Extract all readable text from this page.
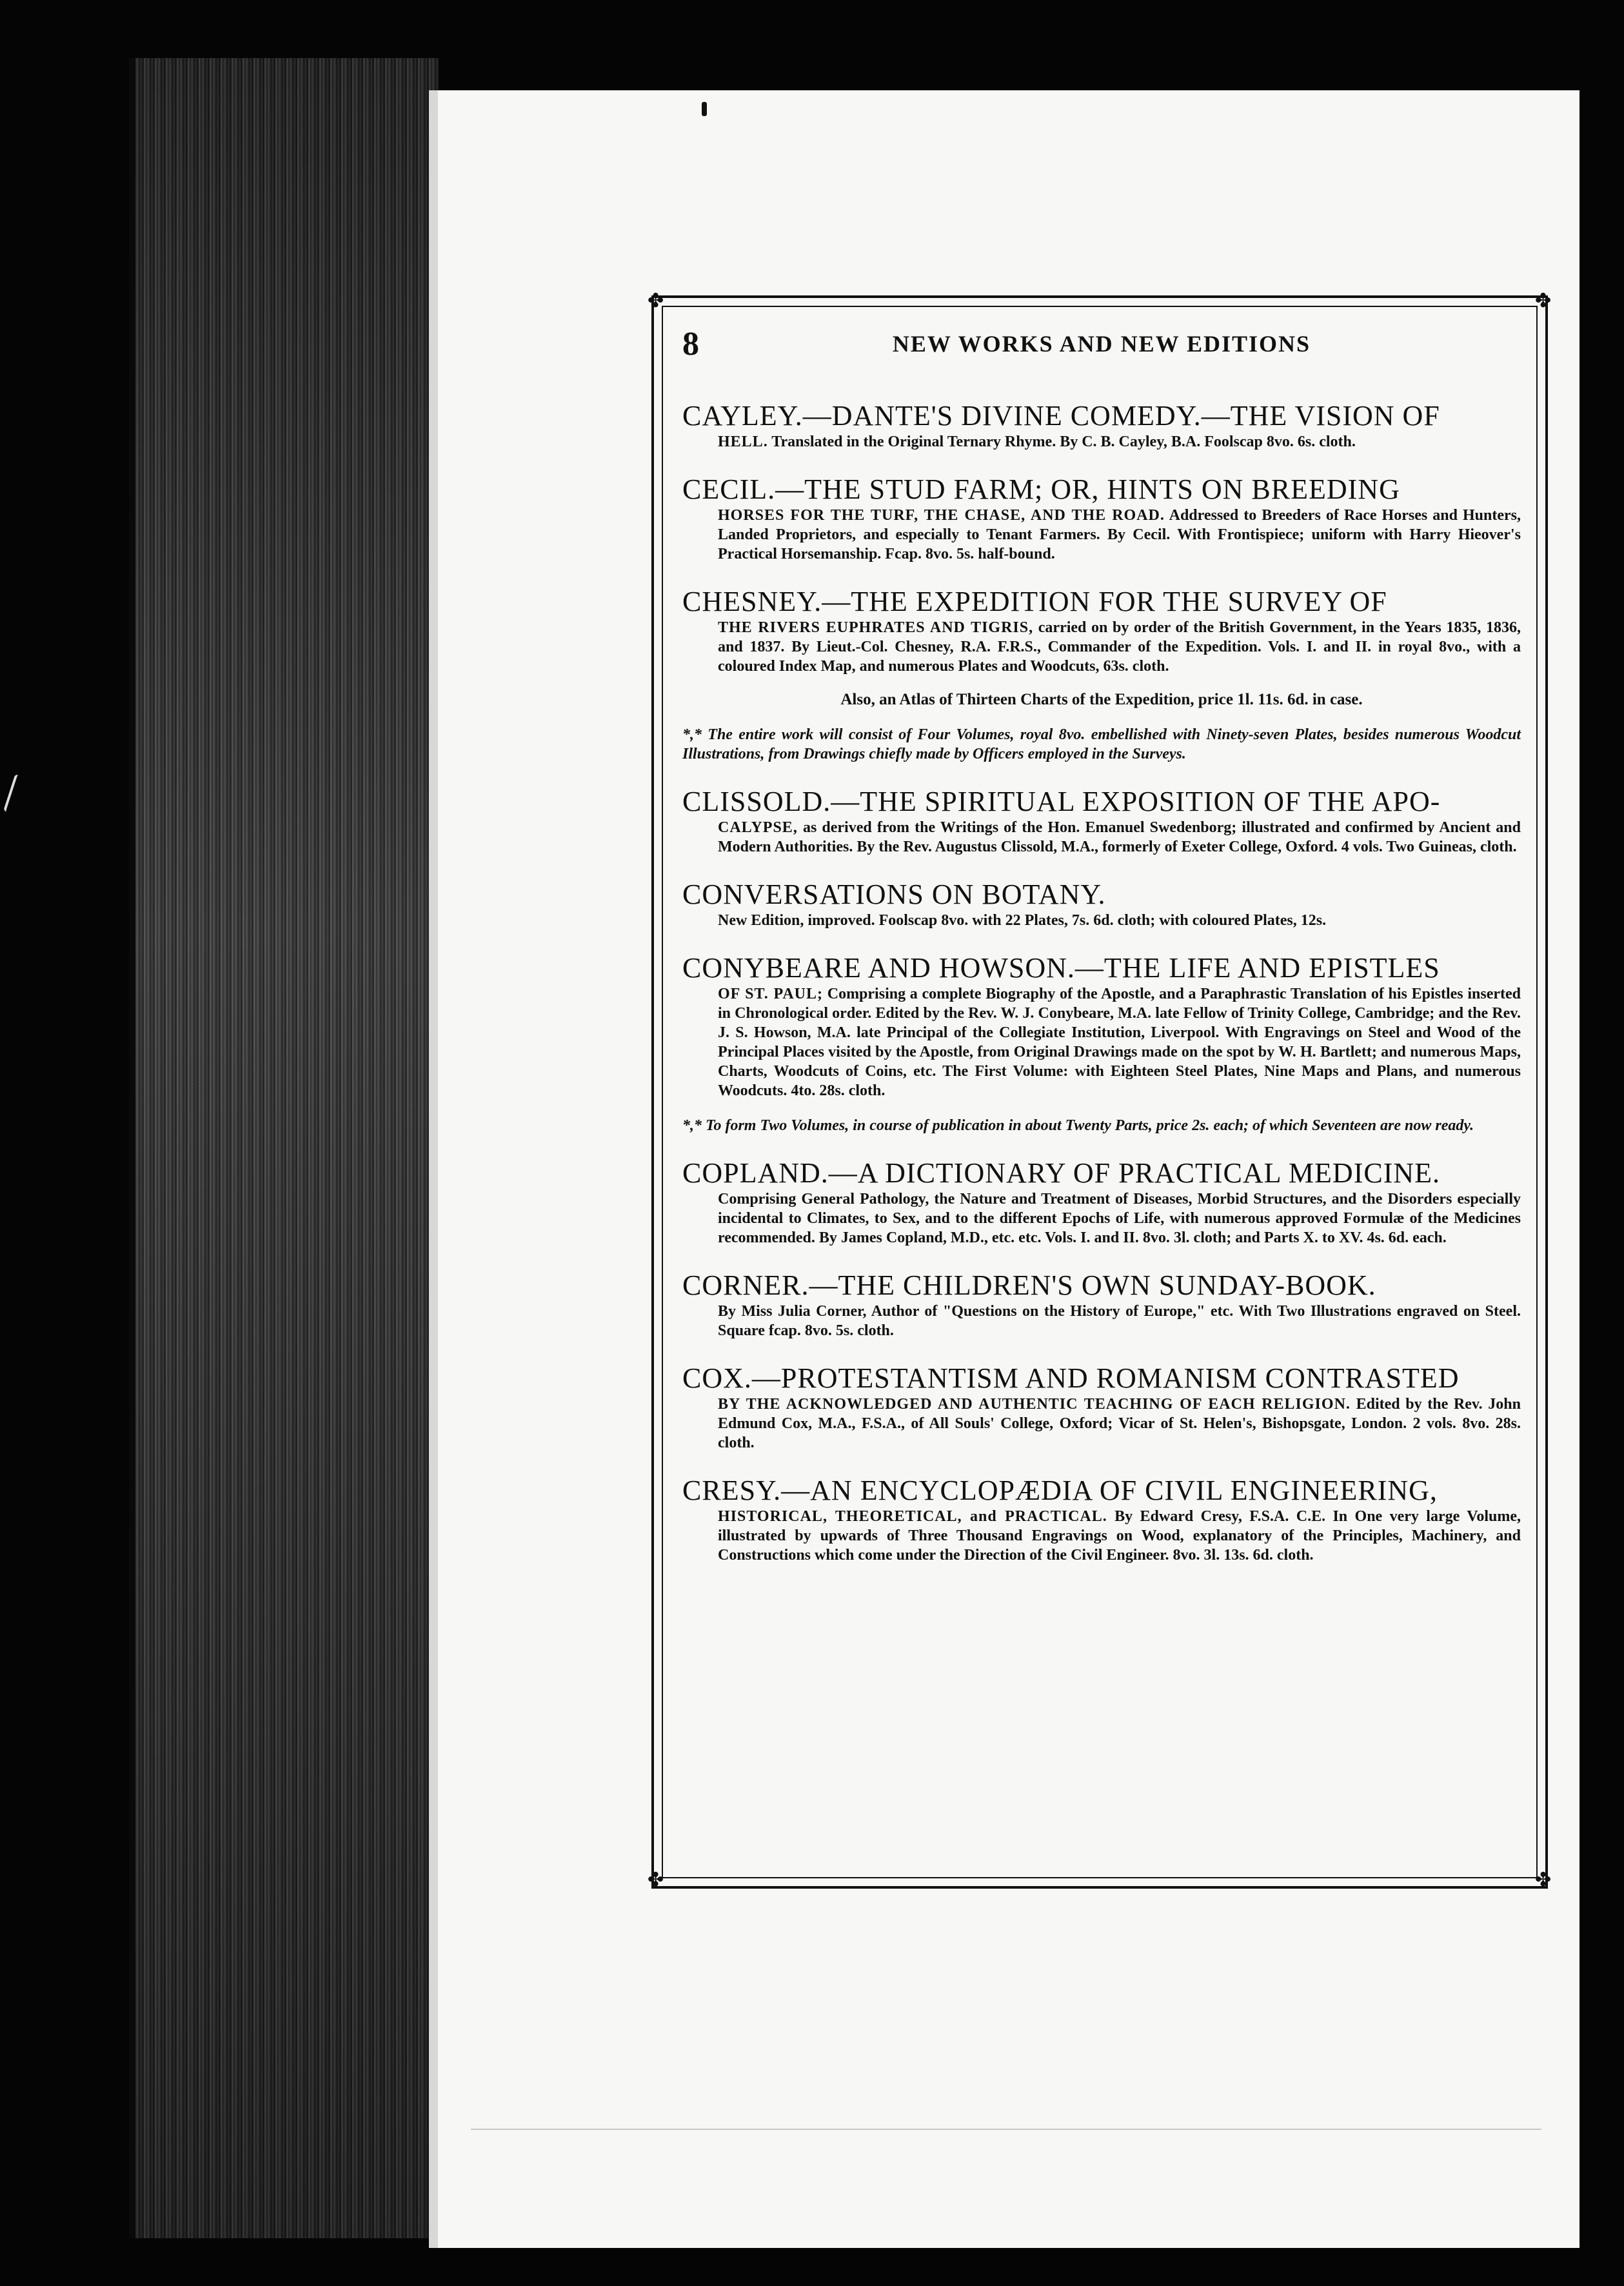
✤	✤
✤	✤
8	NEW WORKS AND NEW EDITIONS
CAYLEY.—DANTE'S DIVINE COMEDY.—THE VISION OF
HELL. Translated in the Original Ternary Rhyme. By C. B. Cayley, B.A. Foolscap 8vo. 6s. cloth.
CECIL.—THE STUD FARM; OR, HINTS ON BREEDING
HORSES FOR THE TURF, THE CHASE, AND THE ROAD. Addressed to Breeders of Race Horses and Hunters, Landed Proprietors, and especially to Tenant Farmers. By Cecil. With Frontispiece; uniform with Harry Hieover's Practical Horsemanship. Fcap. 8vo. 5s. half-bound.
CHESNEY.—THE EXPEDITION FOR THE SURVEY OF
THE RIVERS EUPHRATES AND TIGRIS, carried on by order of the British Government, in the Years 1835, 1836, and 1837. By Lieut.-Col. Chesney, R.A. F.R.S., Commander of the Expedition. Vols. I. and II. in royal 8vo., with a coloured Index Map, and numerous Plates and Woodcuts, 63s. cloth.
Also, an Atlas of Thirteen Charts of the Expedition, price 1l. 11s. 6d. in case.
*,* The entire work will consist of Four Volumes, royal 8vo. embellished with Ninety-seven Plates, besides numerous Woodcut Illustrations, from Drawings chiefly made by Officers employed in the Surveys.
CLISSOLD.—THE SPIRITUAL EXPOSITION OF THE APO-
CALYPSE, as derived from the Writings of the Hon. Emanuel Swedenborg; illustrated and confirmed by Ancient and Modern Authorities. By the Rev. Augustus Clissold, M.A., formerly of Exeter College, Oxford. 4 vols. Two Guineas, cloth.
CONVERSATIONS ON BOTANY.
New Edition, improved. Foolscap 8vo. with 22 Plates, 7s. 6d. cloth; with coloured Plates, 12s.
CONYBEARE AND HOWSON.—THE LIFE AND EPISTLES
OF ST. PAUL; Comprising a complete Biography of the Apostle, and a Paraphrastic Translation of his Epistles inserted in Chronological order. Edited by the Rev. W. J. Conybeare, M.A. late Fellow of Trinity College, Cambridge; and the Rev. J. S. Howson, M.A. late Principal of the Collegiate Institution, Liverpool. With Engravings on Steel and Wood of the Principal Places visited by the Apostle, from Original Drawings made on the spot by W. H. Bartlett; and numerous Maps, Charts, Woodcuts of Coins, etc. The First Volume: with Eighteen Steel Plates, Nine Maps and Plans, and numerous Woodcuts. 4to. 28s. cloth.
*,* To form Two Volumes, in course of publication in about Twenty Parts, price 2s. each; of which Seventeen are now ready.
COPLAND.—A DICTIONARY OF PRACTICAL MEDICINE.
Comprising General Pathology, the Nature and Treatment of Diseases, Morbid Structures, and the Disorders especially incidental to Climates, to Sex, and to the different Epochs of Life, with numerous approved Formulæ of the Medicines recommended. By James Copland, M.D., etc. etc. Vols. I. and II. 8vo. 3l. cloth; and Parts X. to XV. 4s. 6d. each.
CORNER.—THE CHILDREN'S OWN SUNDAY-BOOK.
By Miss Julia Corner, Author of "Questions on the History of Europe," etc. With Two Illustrations engraved on Steel. Square fcap. 8vo. 5s. cloth.
COX.—PROTESTANTISM AND ROMANISM CONTRASTED
BY THE ACKNOWLEDGED AND AUTHENTIC TEACHING OF EACH RELIGION. Edited by the Rev. John Edmund Cox, M.A., F.S.A., of All Souls' College, Oxford; Vicar of St. Helen's, Bishopsgate, London. 2 vols. 8vo. 28s. cloth.
CRESY.—AN ENCYCLOPÆDIA OF CIVIL ENGINEERING,
HISTORICAL, THEORETICAL, and PRACTICAL. By Edward Cresy, F.S.A. C.E. In One very large Volume, illustrated by upwards of Three Thousand Engravings on Wood, explanatory of the Principles, Machinery, and Constructions which come under the Direction of the Civil Engineer. 8vo. 3l. 13s. 6d. cloth.
